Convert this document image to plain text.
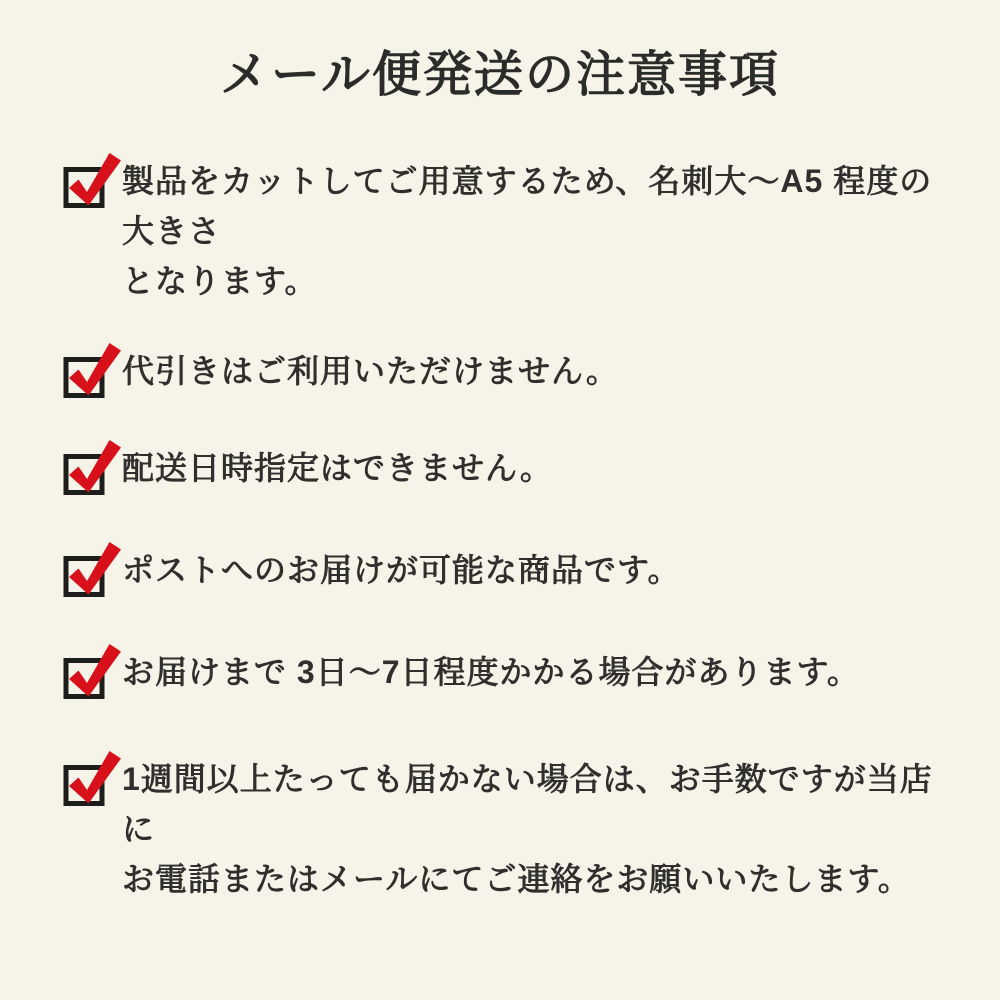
メール便発送の注意事項
製品をカットしてご用意するため、名刺大〜A5 程度の大きさ
となります。
代引きはご利用いただけません。
配送日時指定はできません。
ポストへのお届けが可能な商品です。
お届けまで 3日〜7日程度かかる場合があります。
1週間以上たっても届かない場合は、お手数ですが当店に
お電話またはメールにてご連絡をお願いいたします。
